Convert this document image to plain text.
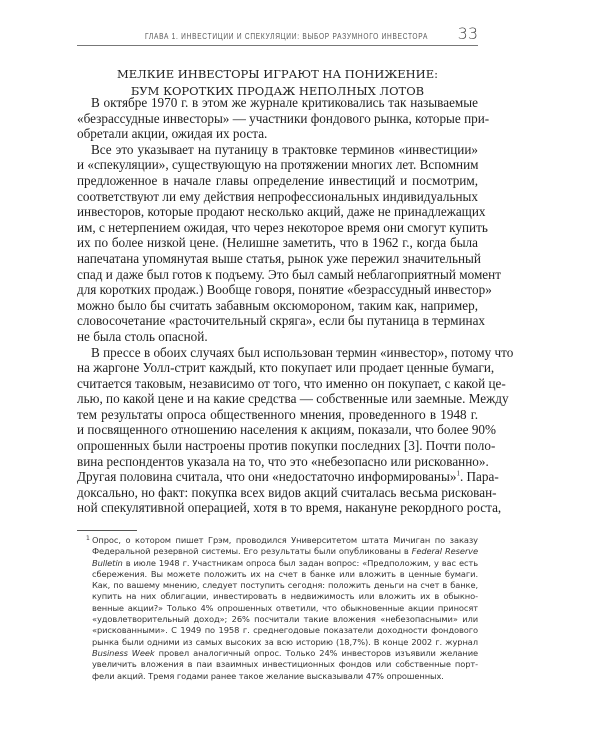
ГЛАВА 1. ИНВЕСТИЦИИ И СПЕКУЛЯЦИИ: ВЫБОР РАЗУМНОГО ИНВЕСТОРА 33
МЕЛКИЕ ИНВЕСТОРЫ ИГРАЮТ НА ПОНИЖЕНИЕ:
БУМ КОРОТКИХ ПРОДАЖ НЕПОЛНЫХ ЛОТОВ
В октябре 1970 г. в этом же журнале критиковались так называемые
«безрассудные инвесторы» — участники фондового рынка, которые при-
обретали акции, ожидая их роста.
Все это указывает на путаницу в трактовке терминов «инвестиции»
и «спекуляции», существующую на протяжении многих лет. Вспомним
предложенное в начале главы определение инвестиций и посмотрим,
соответствуют ли ему действия непрофессиональных индивидуальных
инвесторов, которые продают несколько акций, даже не принадлежащих
им, с нетерпением ожидая, что через некоторое время они смогут купить
их по более низкой цене. (Нелишне заметить, что в 1962 г., когда была
напечатана упомянутая выше статья, рынок уже пережил значительный
спад и даже был готов к подъему. Это был самый неблагоприятный момент
для коротких продаж.) Вообще говоря, понятие «безрассудный инвестор»
можно было бы считать забавным оксюмороном, таким как, например,
словосочетание «расточительный скряга», если бы путаница в терминах
не была столь опасной.
В прессе в обоих случаях был использован термин «инвестор», потому что
на жаргоне Уолл-стрит каждый, кто покупает или продает ценные бумаги,
считается таковым, независимо от того, что именно он покупает, с какой це-
лью, по какой цене и на какие средства — собственные или заемные. Между
тем результаты опроса общественного мнения, проведенного в 1948 г.
и посвященного отношению населения к акциям, показали, что более 90%
опрошенных были настроены против покупки последних [3]. Почти поло-
вина респондентов указала на то, что это «небезопасно или рискованно».
Другая половина считала, что они «недостаточно информированы»$^1$. Пара-
доксально, но факт: покупка всех видов акций считалась весьма рискован-
ной спекулятивной операцией, хотя в то время, накануне рекордного роста,
1 Опрос, о котором пишет Грэм, проводился Университетом штата Мичиган по заказу
Федеральной резервной системы. Его результаты были опубликованы в Federal Reserve
Bulletin в июле 1948 г. Участникам опроса был задан вопрос: «Предположим, у вас есть
сбережения. Вы можете положить их на счет в банке или вложить в ценные бумаги.
Как, по вашему мнению, следует поступить сегодня: положить деньги на счет в банке,
купить на них облигации, инвестировать в недвижимость или вложить их в обыкно-
венные акции?» Только 4% опрошенных ответили, что обыкновенные акции приносят
«удовлетворительный доход»; 26% посчитали такие вложения «небезопасными» или
«рискованными». С 1949 по 1958 г. среднегодовые показатели доходности фондового
рынка были одними из самых высоких за всю историю (18,7%). В конце 2002 г. журнал
Business Week провел аналогичный опрос. Только 24% инвесторов изъявили желание
увеличить вложения в паи взаимных инвестиционных фондов или собственные порт-
фели акций. Тремя годами ранее такое желание высказывали 47% опрошенных.
